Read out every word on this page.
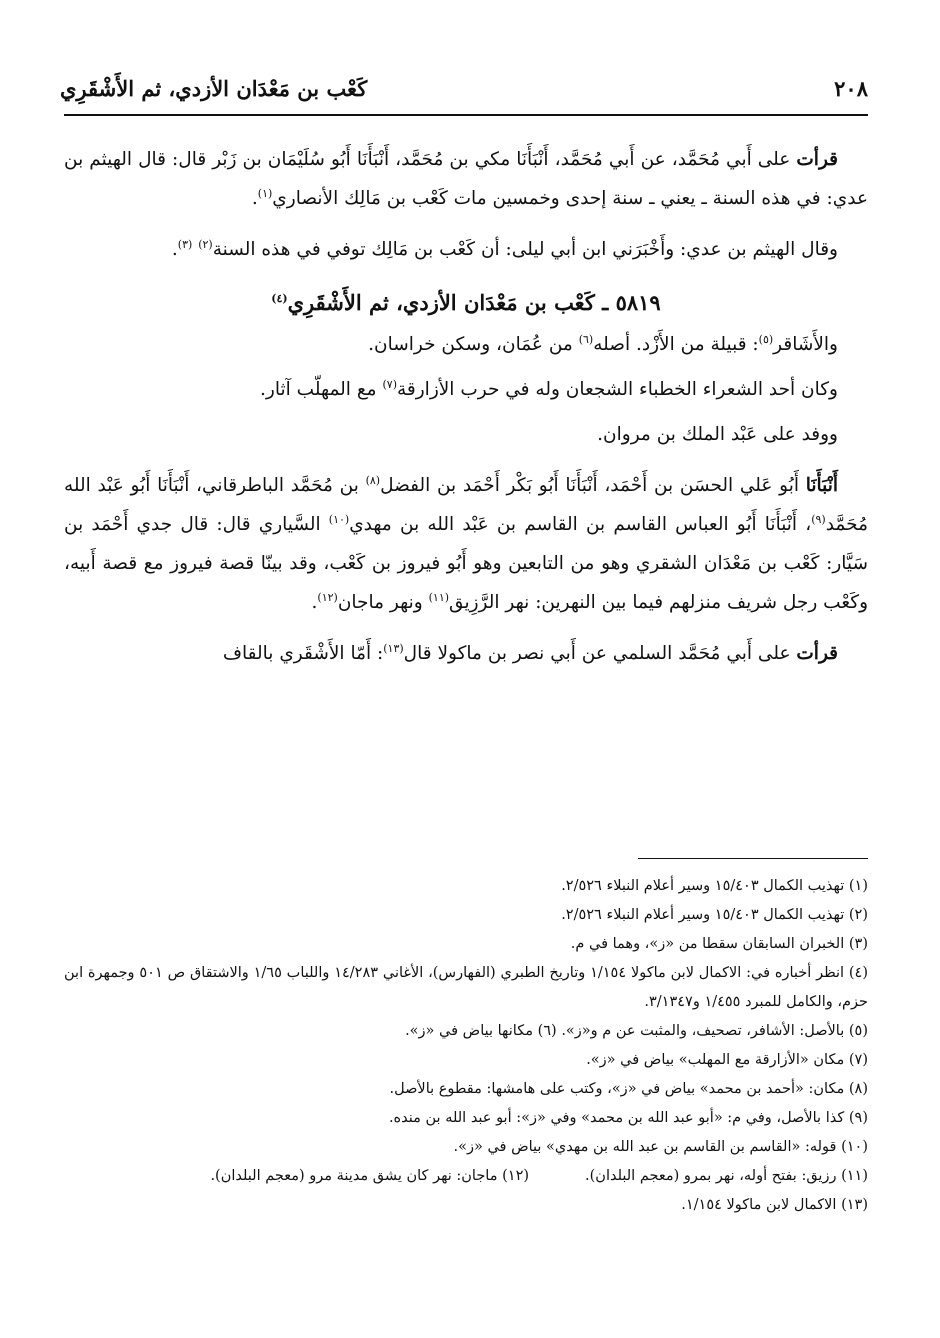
٢٠٨
كَعْب بن مَعْدَان الأزدي، ثم الأَشْقَرِي

قرأت على أَبي مُحَمَّد، عن أَبي مُحَمَّد، أَنْبَأَنَا مكي بن مُحَمَّد، أَنْبَأَنَا أَبُو سُلَيْمَان بن زَبْر قال: قال الهيثم بن عدي: في هذه السنة ـ يعني ـ سنة إحدى وخمسين مات كَعْب بن مَالِك الأنصاري$^{(١)}$.

وقال الهيثم بن عدي: وأَخْبَرَني ابن أبي ليلى: أن كَعْب بن مَالِك توفي في هذه السنة$^{(٢)}$ $^{(٣)}$.

٥٨١٩ ـ كَعْب بن مَعْدَان الأزدي، ثم الأَشْقَرِي$^{(٤)}$

والأَشَاقر$^{(٥)}$: قبيلة من الأَزْد. أصله$^{(٦)}$ من عُمَان، وسكن خراسان.

وكان أحد الشعراء الخطباء الشجعان وله في حرب الأزارقة$^{(٧)}$ مع المهلّب آثار.

ووفد على عَبْد الملك بن مروان.

أَنْبَأَنَا أَبُو عَلي الحسَن بن أَحْمَد، أَنْبَأَنَا أَبُو بَكْر أَحْمَد بن الفضل$^{(٨)}$ بن مُحَمَّد الباطرقاني، أَنْبَأَنَا أَبُو عَبْد الله مُحَمَّد$^{(٩)}$، أَنْبَأَنَا أَبُو العباس القاسم بن القاسم بن عَبْد الله بن مهدي$^{(١٠)}$ السَّياري قال: قال جدي أَحْمَد بن سَيَّار: كَعْب بن مَعْدَان الشقري وهو من التابعين وهو أَبُو فيروز بن كَعْب، وقد بينّا قصة فيروز مع قصة أَبيه، وكَعْب رجل شريف منزلهم فيما بين النهرين: نهر الرَّزِيق$^{(١١)}$ ونهر ماجان$^{(١٢)}$.

قرأت على أَبي مُحَمَّد السلمي عن أَبي نصر بن ماكولا قال$^{(١٣)}$: أَمّا الأَشْقَري بالقاف

(١) تهذيب الكمال ١٥/٤٠٣ وسير أعلام النبلاء ٢/٥٢٦.

(٢) تهذيب الكمال ١٥/٤٠٣ وسير أعلام النبلاء ٢/٥٢٦.

(٣) الخبران السابقان سقطا من «ز»، وهما في م.

(٤) انظر أخباره في: الاكمال لابن ماكولا ١/١٥٤ وتاريخ الطبري (الفهارس)، الأغاني ١٤/٢٨٣ واللباب ١/٦٥ والاشتقاق ص ٥٠١ وجمهرة ابن حزم، والكامل للمبرد ١/٤٥٥ و٣/١٣٤٧.

(٥) بالأصل: الأشافر، تصحيف، والمثبت عن م و«ز». (٦) مكانها بياض في «ز».

(٧) مكان «الأزارقة مع المهلب» بياض في «ز».

(٨) مكان: «أحمد بن محمد» بياض في «ز»، وكتب على هامشها: مقطوع بالأصل.

(٩) كذا بالأصل، وفي م: «أبو عبد الله بن محمد» وفي «ز»: أبو عبد الله بن منده.

(١٠) قوله: «القاسم بن القاسم بن عبد الله بن مهدي» بياض في «ز».

(١١) رزيق: بفتح أوله، نهر بمرو (معجم البلدان).
(١٢) ماجان: نهر كان يشق مدينة مرو (معجم البلدان).

(١٣) الاكمال لابن ماكولا ١/١٥٤.
